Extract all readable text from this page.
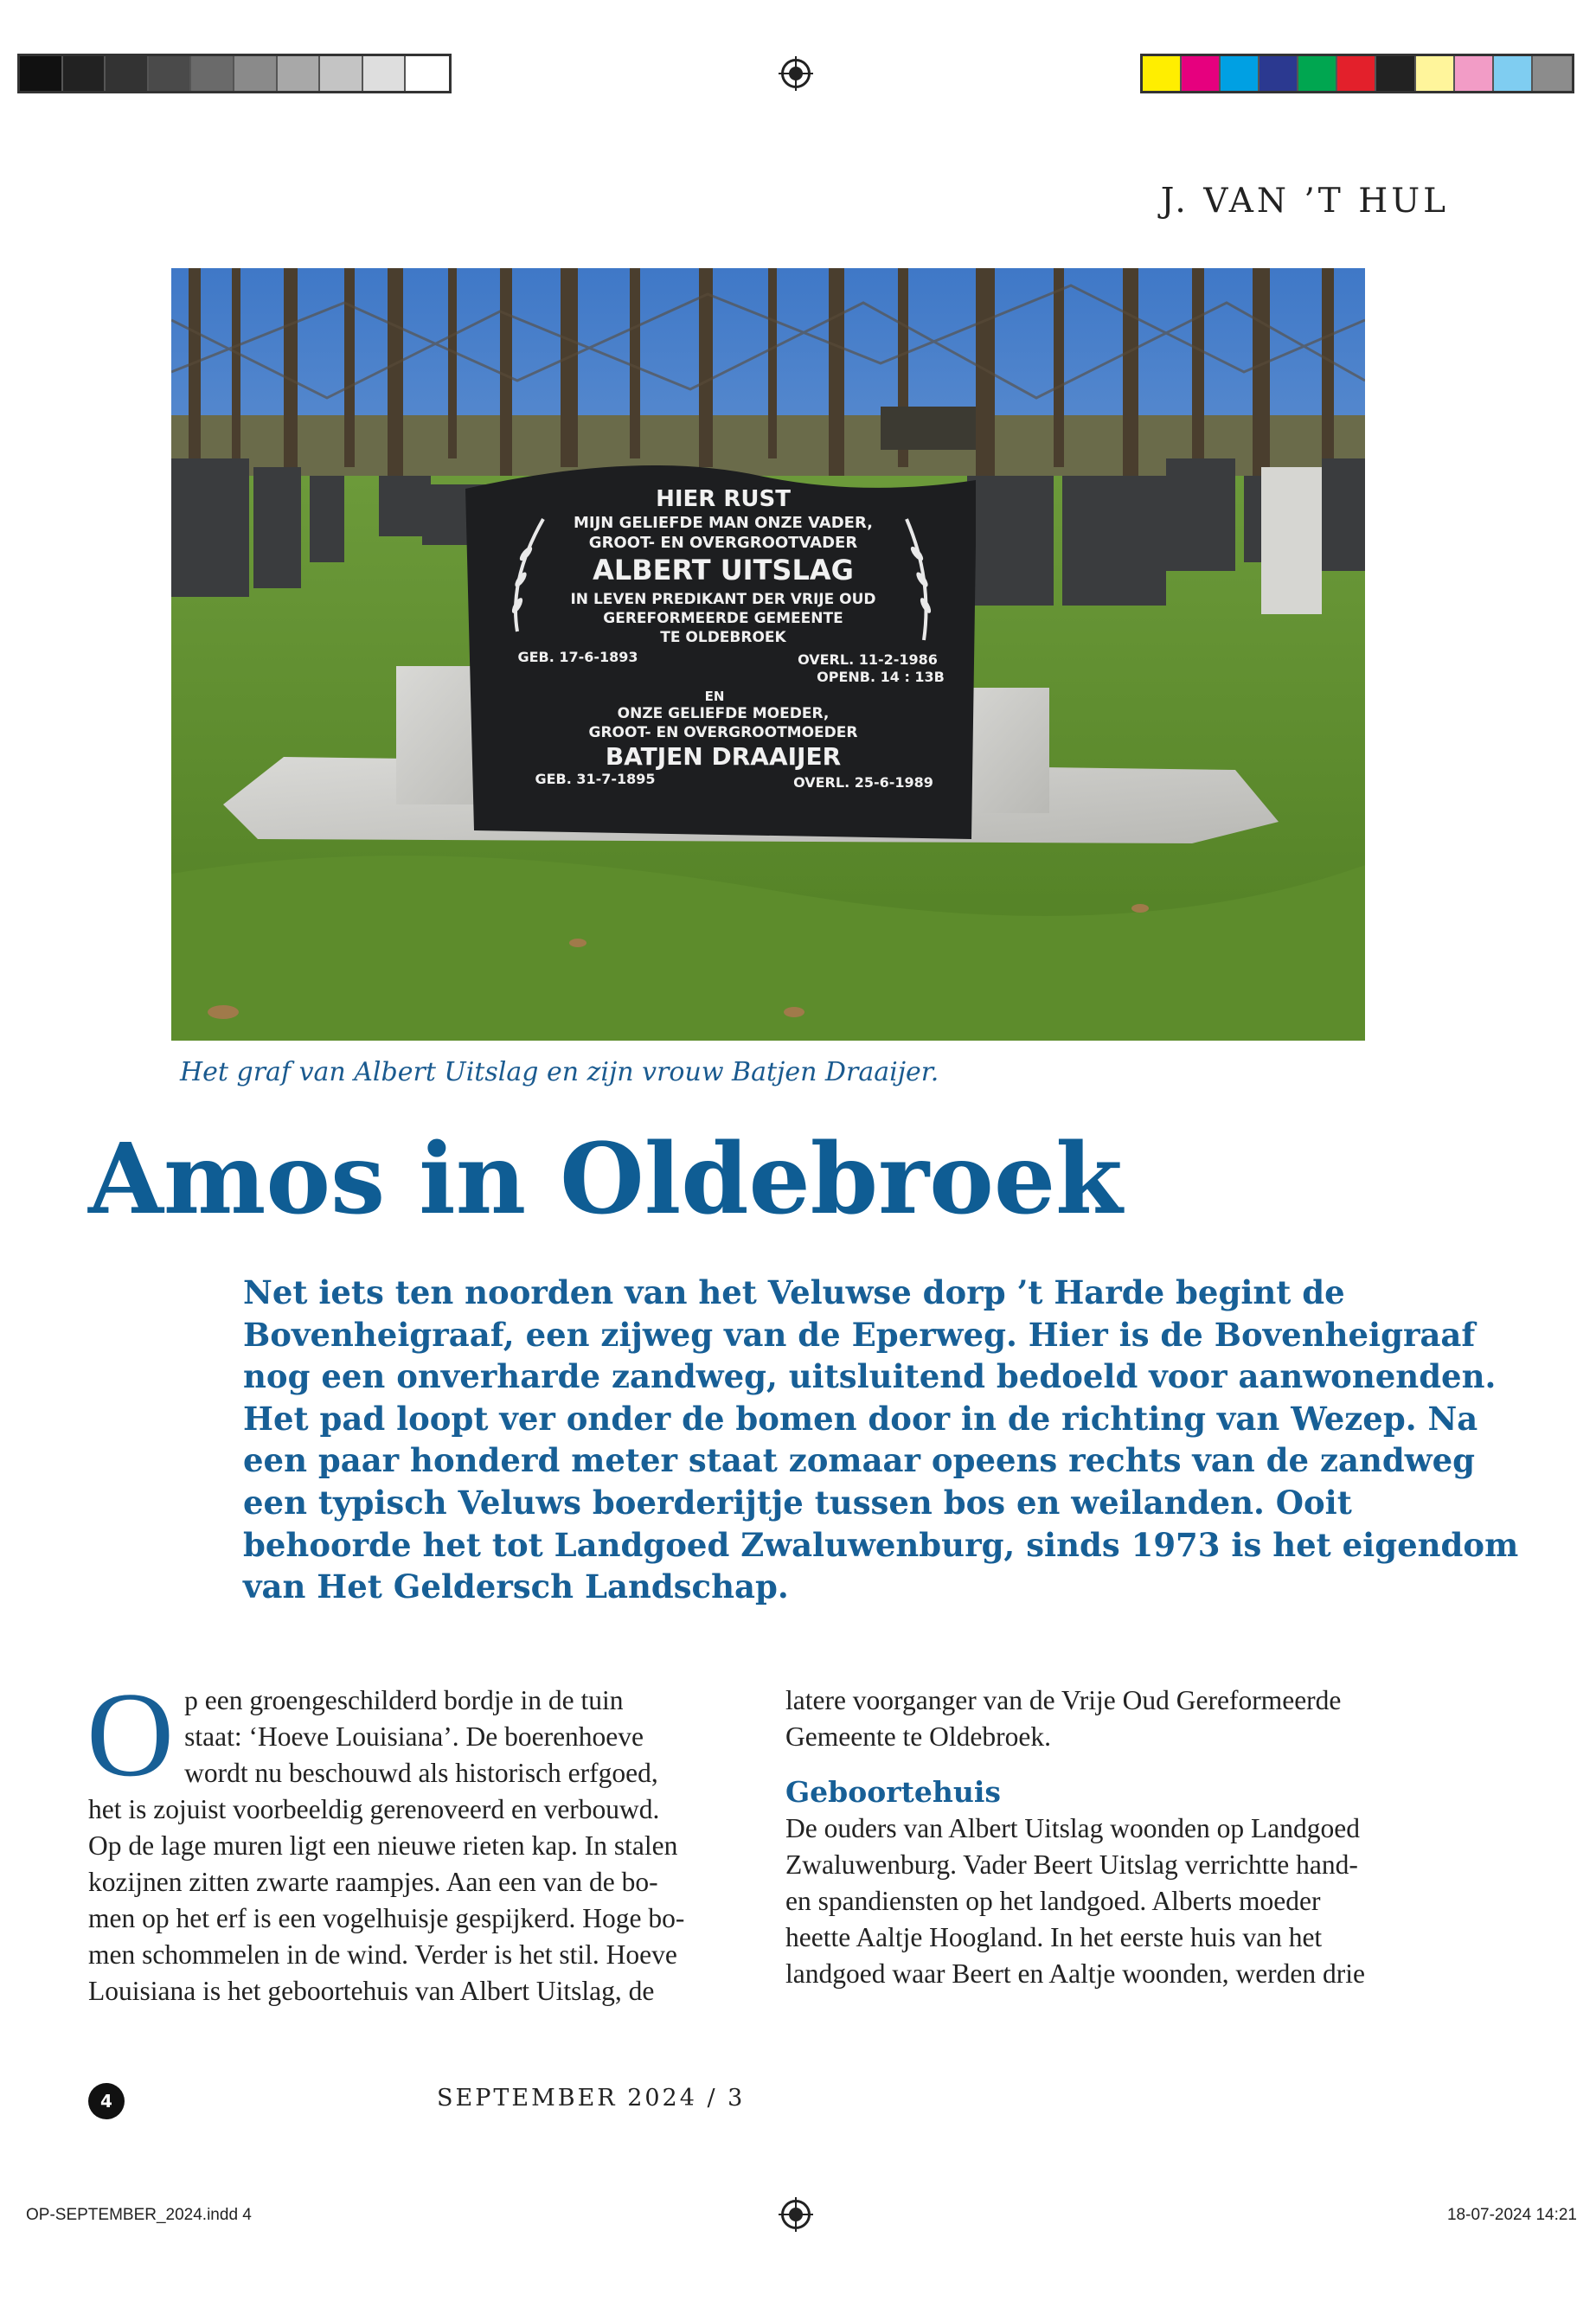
J. VAN ’T HUL
HIER RUST
MIJN GELIEFDE MAN ONZE VADER,
GROOT- EN OVERGROOTVADER
ALBERT UITSLAG
IN LEVEN PREDIKANT DER VRIJE OUD
GEREFORMEERDE GEMEENTE
TE OLDEBROEK
GEB. 17-6-1893	OVERL. 11-2-1986
OPENB. 14 : 13B
EN
ONZE GELIEFDE MOEDER,
GROOT- EN OVERGROOTMOEDER
BATJEN DRAAIJER
GEB. 31-7-1895	OVERL. 25-6-1989
Het graf van Albert Uitslag en zijn vrouw Batjen Draaijer.
Amos in Oldebroek
Net iets ten noorden van het Veluwse dorp ’t Harde begint de
Bovenheigraaf, een zijweg van de Eperweg. Hier is de Bovenheigraaf
nog een onverharde zandweg, uitsluitend bedoeld voor aanwonenden.
Het pad loopt ver onder de bomen door in de richting van Wezep. Na
een paar honderd meter staat zomaar opeens rechts van de zandweg
een typisch Veluws boerderijtje tussen bos en weilanden. Ooit
behoorde het tot Landgoed Zwaluwenburg, sinds 1973 is het eigendom
van Het Geldersch Landschap.
O p een groengeschilderd bordje in de tuin
staat: ‘Hoeve Louisiana’. De boerenhoeve
wordt nu beschouwd als historisch erfgoed,
het is zojuist voorbeeldig gerenoveerd en verbouwd.
Op de lage muren ligt een nieuwe rieten kap. In stalen
kozijnen zitten zwarte raampjes. Aan een van de bo-
men op het erf is een vogelhuisje gespijkerd. Hoge bo-
men schommelen in de wind. Verder is het stil. Hoeve
Louisiana is het geboortehuis van Albert Uitslag, de
latere voorganger van de Vrije Oud Gereformeerde
Gemeente te Oldebroek.
Geboortehuis
De ouders van Albert Uitslag woonden op Landgoed
Zwaluwenburg. Vader Beert Uitslag verrichtte hand-
en spandiensten op het landgoed. Alberts moeder
heette Aaltje Hoogland. In het eerste huis van het
landgoed waar Beert en Aaltje woonden, werden drie
4	SEPTEMBER 2024 / 3
OP-SEPTEMBER_2024.indd 4	18-07-2024 14:21
